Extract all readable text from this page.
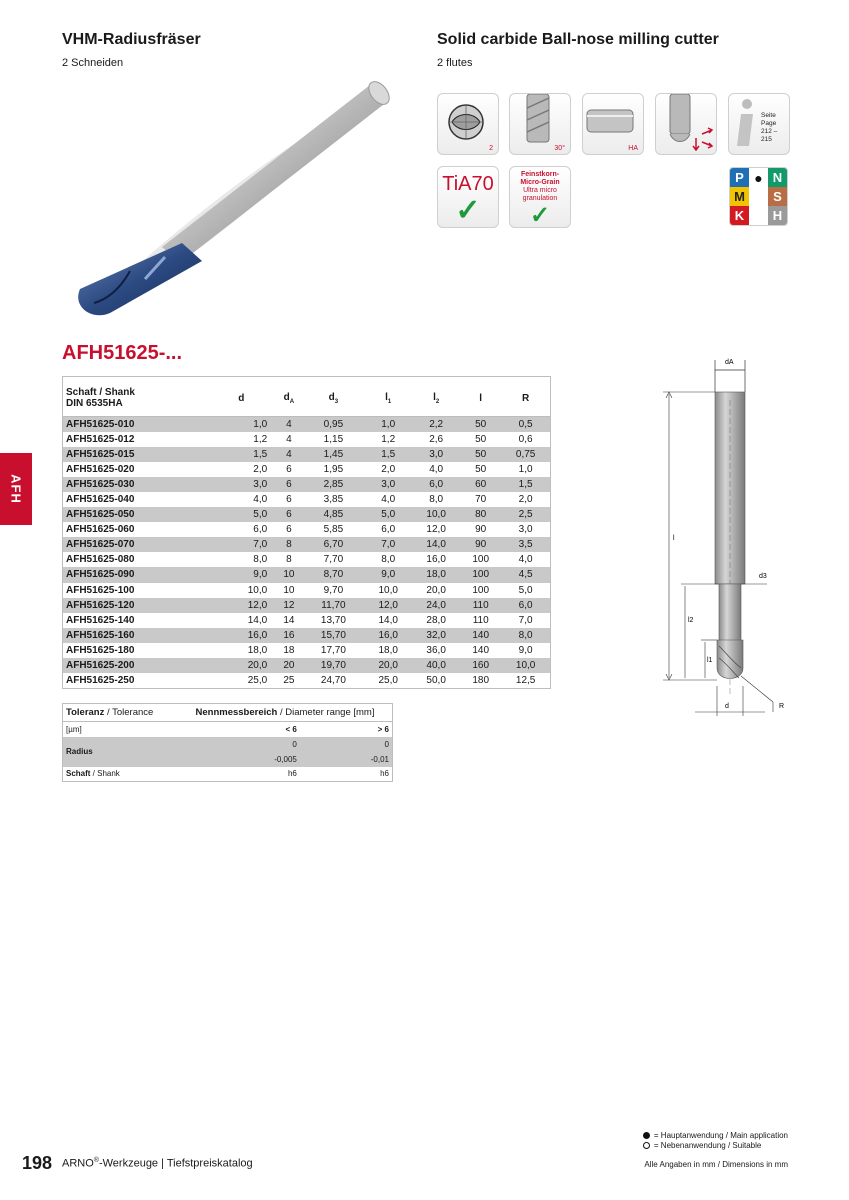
VHM-Radiusfräser
2 Schneiden
Solid carbide Ball-nose milling cutter
2 flutes
2	30°	HA
Seite Page
212 – 215
TiA70
✓
Feinstkorn-
Micro-Grain
Ultra micro
granulation
✓
P ● N
M	S
K	H
AFH51625-...
AFH
Schaft / Shank
DIN 6535HA	d	$d_A$	$d_3$	$l_1$	$l_2$	l	R
AFH51625-010	1,0	4	0,95	1,0	2,2	50	0,5
AFH51625-012	1,2	4	1,15	1,2	2,6	50	0,6
AFH51625-015	1,5	4	1,45	1,5	3,0	50	0,75
AFH51625-020	2,0	6	1,95	2,0	4,0	50	1,0
AFH51625-030	3,0	6	2,85	3,0	6,0	60	1,5
AFH51625-040	4,0	6	3,85	4,0	8,0	70	2,0
AFH51625-050	5,0	6	4,85	5,0	10,0	80	2,5
AFH51625-060	6,0	6	5,85	6,0	12,0	90	3,0
AFH51625-070	7,0	8	6,70	7,0	14,0	90	3,5
AFH51625-080	8,0	8	7,70	8,0	16,0	100	4,0
AFH51625-090	9,0	10	8,70	9,0	18,0	100	4,5
AFH51625-100	10,0	10	9,70	10,0	20,0	100	5,0
AFH51625-120	12,0	12	11,70	12,0	24,0	110	6,0
AFH51625-140	14,0	14	13,70	14,0	28,0	110	7,0
AFH51625-160	16,0	16	15,70	16,0	32,0	140	8,0
AFH51625-180	18,0	18	17,70	18,0	36,0	140	9,0
AFH51625-200	20,0	20	19,70	20,0	40,0	160	10,0
AFH51625-250	25,0	25	24,70	25,0	50,0	180	12,5
Toleranz / Tolerance	Nennmessbereich / Diameter range [mm]	
[µm]	< 6	> 6
Radius	0	0
	-0,005	-0,01
Schaft / Shank	h6	h6
dA
l
l2
l1
d3
d	R
= Hauptanwendung / Main application
= Nebenanwendung / Suitable
198 ARNO®-Werkzeuge | Tiefstpreiskatalog	Alle Angaben in mm / Dimensions in mm
